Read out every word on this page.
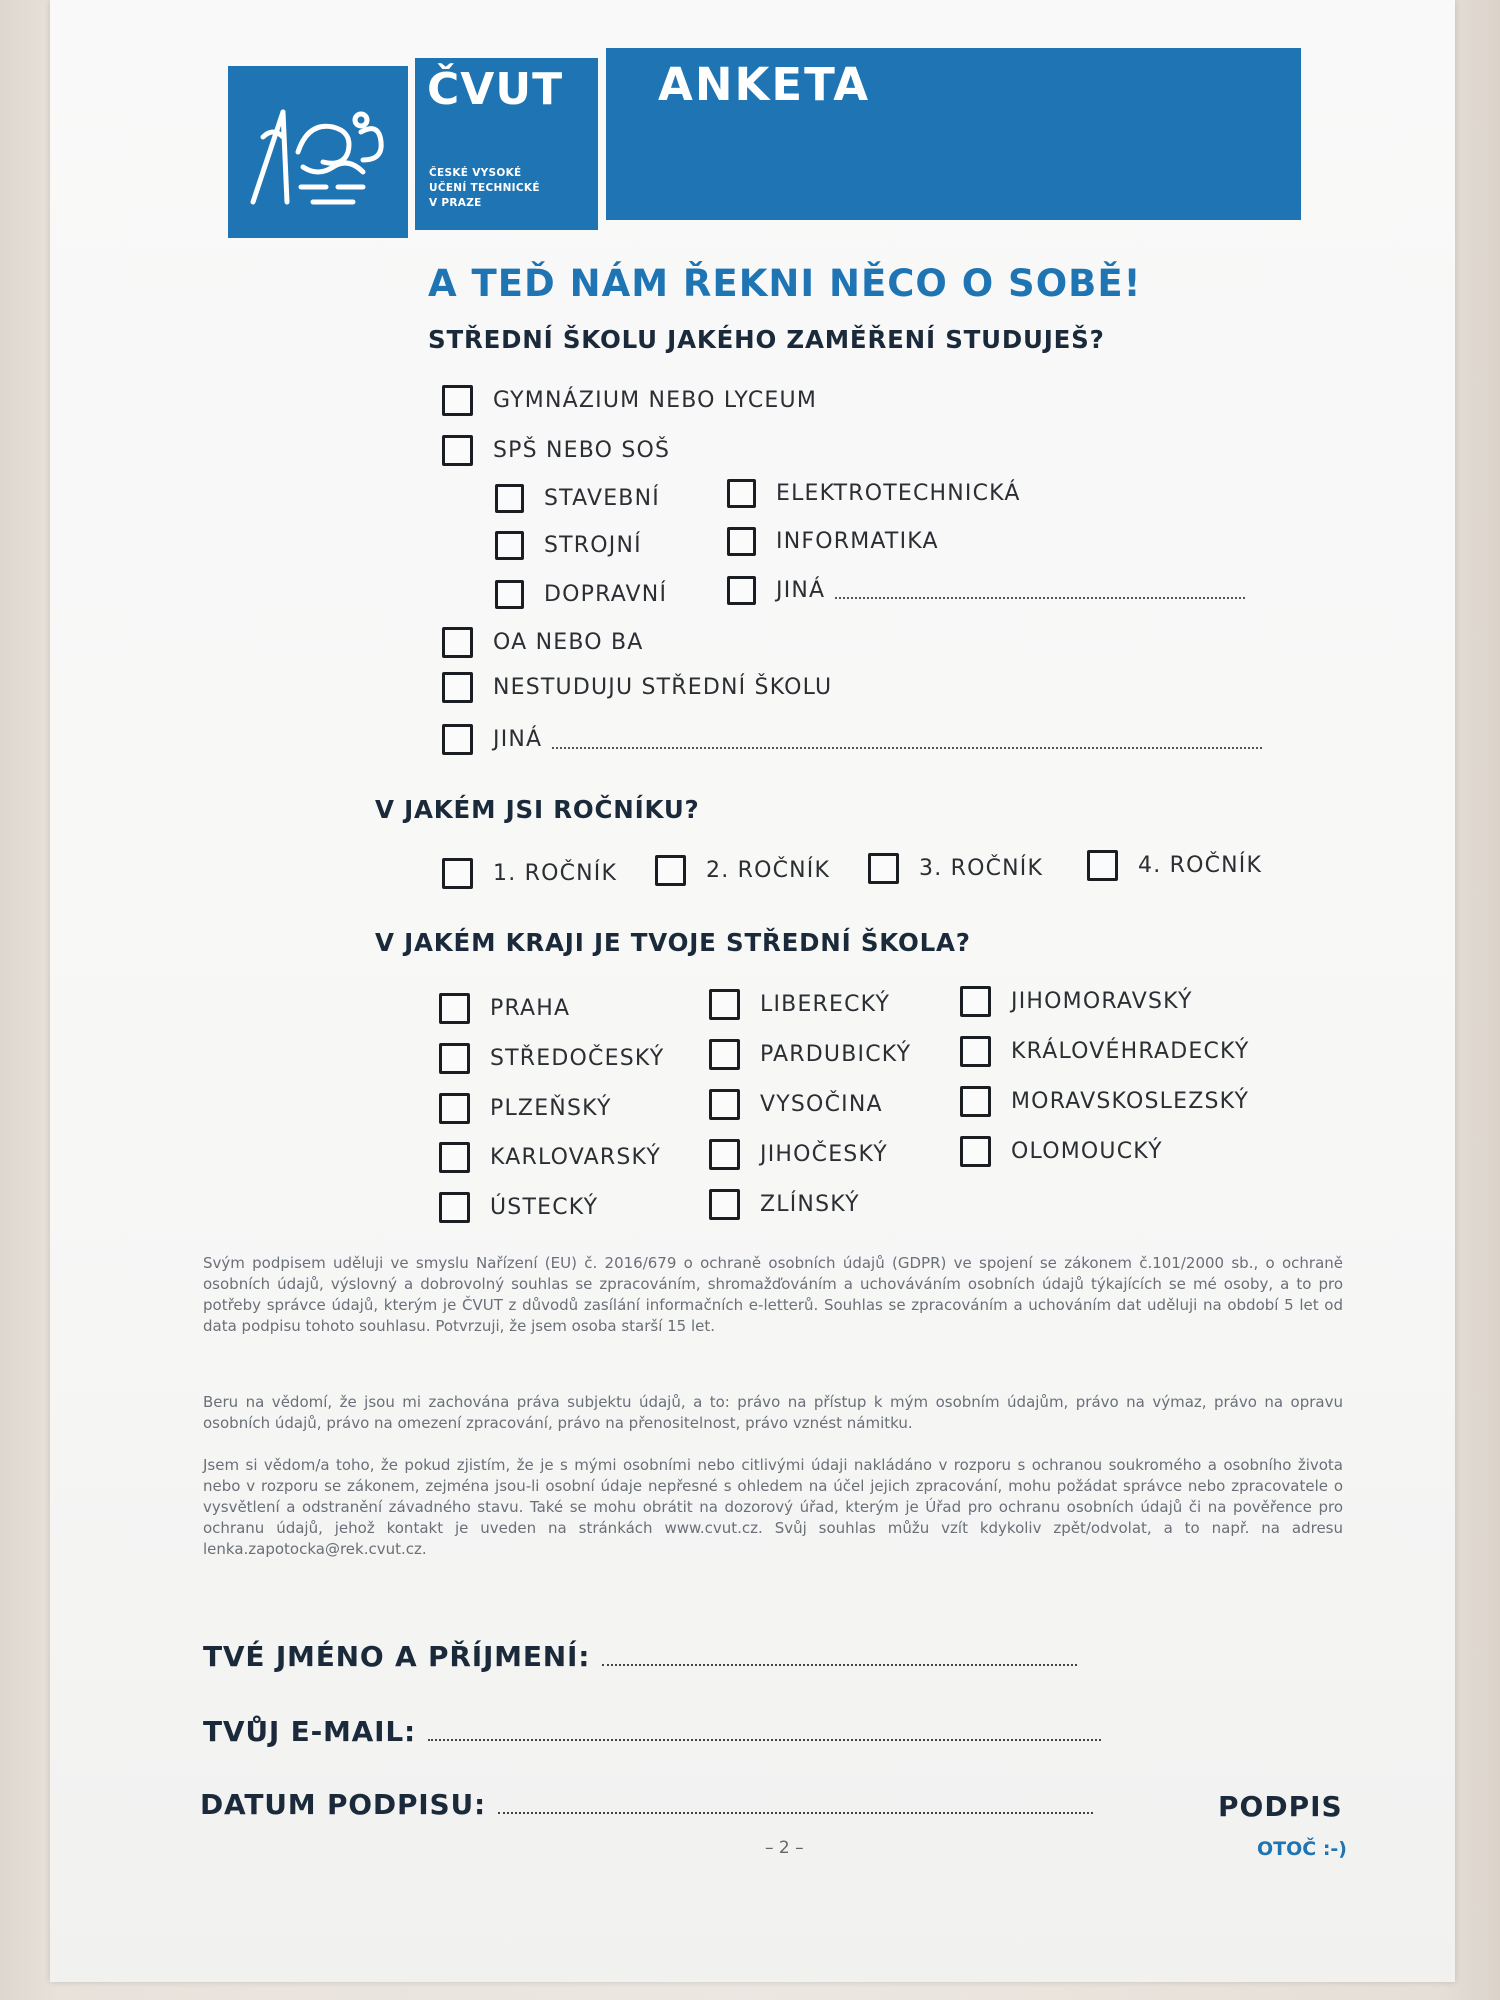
ČVUT
ČESKÉ VYSOKÉ
UČENÍ TECHNICKÉ
V PRAZE
ANKETA
A TEĎ NÁM ŘEKNI NĚCO O SOBĚ!
STŘEDNÍ ŠKOLU JAKÉHO ZAMĚŘENÍ STUDUJEŠ?
GYMNÁZIUM NEBO LYCEUM
SPŠ NEBO SOŠ
STAVEBNÍ
STROJNÍ
DOPRAVNÍ
ELEKTROTECHNICKÁ
INFORMATIKA
JINÁ
OA NEBO BA
NESTUDUJU STŘEDNÍ ŠKOLU
JINÁ
V JAKÉM JSI ROČNÍKU?
1. ROČNÍK	2. ROČNÍK	3. ROČNÍK	4. ROČNÍK
V JAKÉM KRAJI JE TVOJE STŘEDNÍ ŠKOLA?
PRAHA
STŘEDOČESKÝ
PLZEŇSKÝ
KARLOVARSKÝ
ÚSTECKÝ
LIBERECKÝ
PARDUBICKÝ
VYSOČINA
JIHOČESKÝ
ZLÍNSKÝ
JIHOMORAVSKÝ
KRÁLOVÉHRADECKÝ
MORAVSKOSLEZSKÝ
OLOMOUCKÝ
Svým podpisem uděluji ve smyslu Nařízení (EU) č. 2016/679 o ochraně osobních údajů (GDPR) ve spojení se zákonem č.101/2000 sb., o ochraně osobních údajů, výslovný a dobrovolný souhlas se zpracováním, shromažďováním a uchováváním osobních údajů týkajících se mé osoby, a to pro potřeby správce údajů, kterým je ČVUT z důvodů zasílání informačních e-letterů. Souhlas se zpracováním a uchováním dat uděluji na období 5 let od data podpisu tohoto souhlasu. Potvrzuji, že jsem osoba starší 15 let.
Beru na vědomí, že jsou mi zachována práva subjektu údajů, a to: právo na přístup k mým osobním údajům, právo na výmaz, právo na opravu osobních údajů, právo na omezení zpracování, právo na přenositelnost, právo vznést námitku.
Jsem si vědom/a toho, že pokud zjistím, že je s mými osobními nebo citlivými údaji nakládáno v rozporu s ochranou soukromého a osobního života nebo v rozporu se zákonem, zejména jsou-li osobní údaje nepřesné s ohledem na účel jejich zpracování, mohu požádat správce nebo zpracovatele o vysvětlení a odstranění závadného stavu. Také se mohu obrátit na dozorový úřad, kterým je Úřad pro ochranu osobních údajů či na pověřence pro ochranu údajů, jehož kontakt je uveden na stránkách www.cvut.cz. Svůj souhlas můžu vzít kdykoliv zpět/odvolat, a to např. na adresu lenka.zapotocka@rek.cvut.cz.
TVÉ JMÉNO A PŘÍJMENÍ:
TVŮJ E-MAIL:
DATUM PODPISU:	PODPIS
– 2 –	OTOČ :-)
